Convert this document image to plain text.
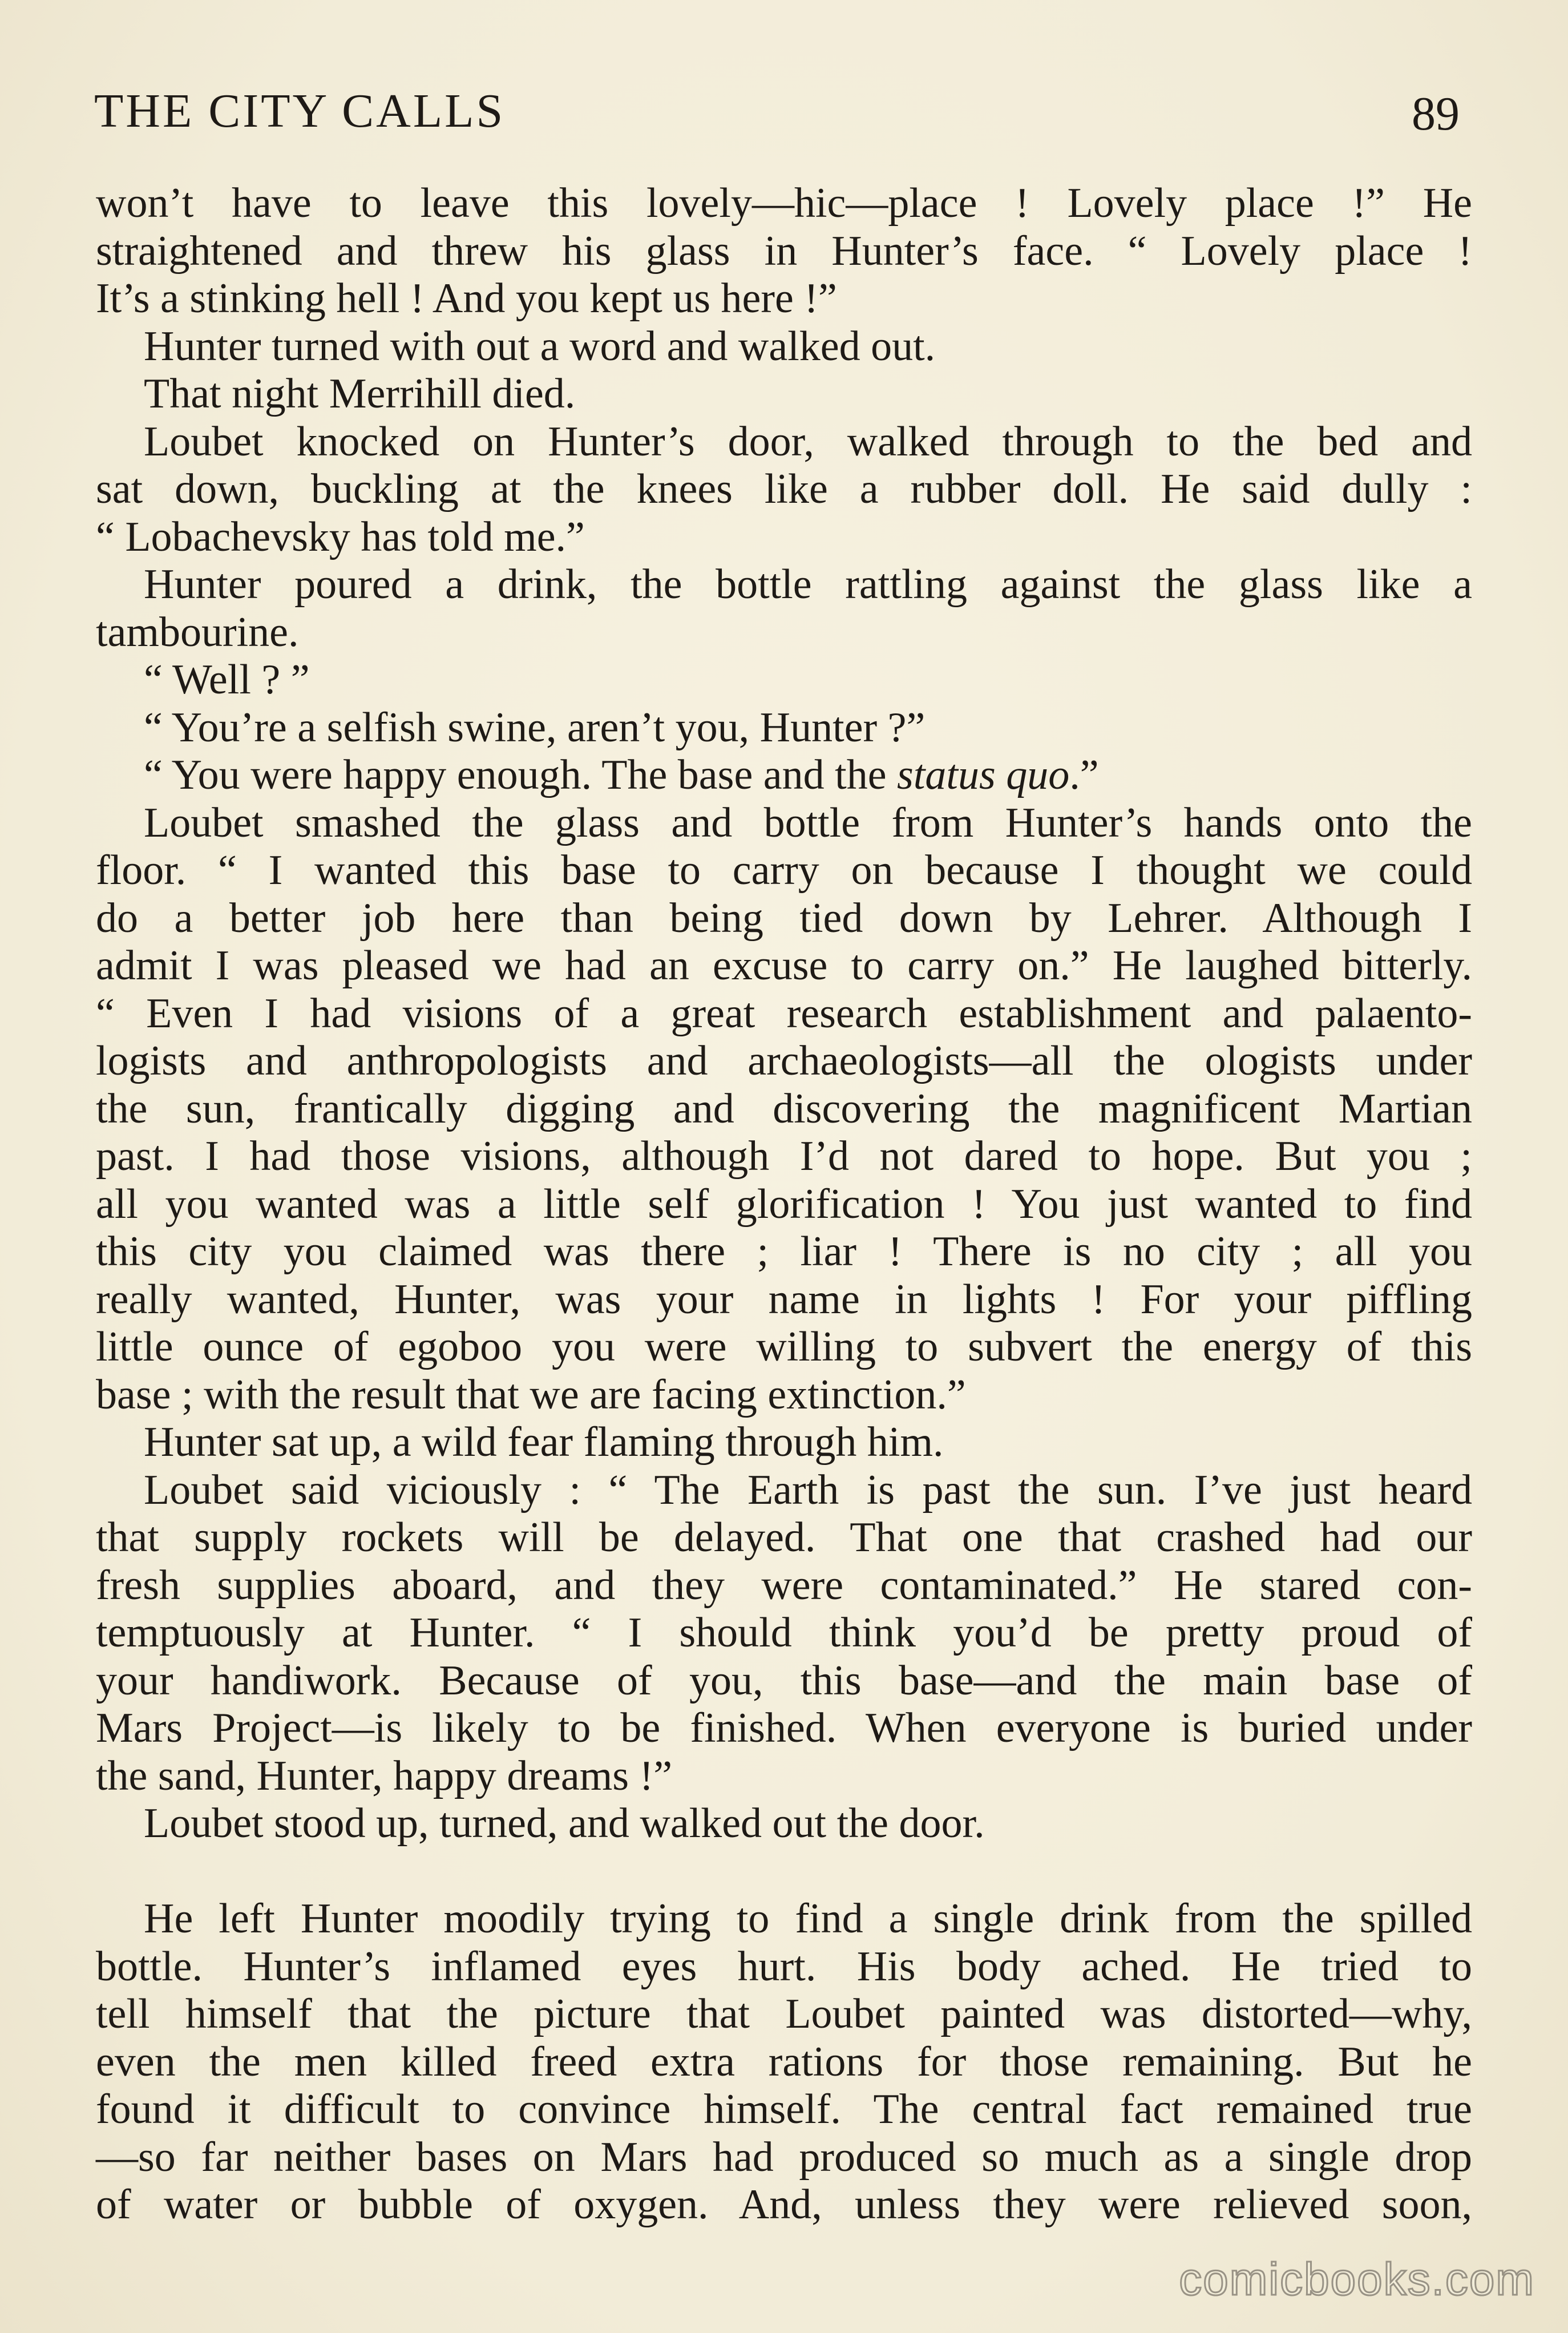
THE CITY CALLS	89
won’t have to leave this lovely—hic—place ! Lovely place !” He
straightened and threw his glass in Hunter’s face. “ Lovely place !
It’s a stinking hell ! And you kept us here !”
Hunter turned with out a word and walked out.
That night Merrihill died.
Loubet knocked on Hunter’s door, walked through to the bed and
sat down, buckling at the knees like a rubber doll. He said dully :
“ Lobachevsky has told me.”
Hunter poured a drink, the bottle rattling against the glass like a
tambourine.
“ Well ? ”
“ You’re a selfish swine, aren’t you, Hunter ?”
“ You were happy enough. The base and the status quo.”
Loubet smashed the glass and bottle from Hunter’s hands onto the
floor. “ I wanted this base to carry on because I thought we could
do a better job here than being tied down by Lehrer. Although I
admit I was pleased we had an excuse to carry on.” He laughed bitterly.
“ Even I had visions of a great research establishment and palaento-
logists and anthropologists and archaeologists—all the ologists under
the sun, frantically digging and discovering the magnificent Martian
past. I had those visions, although I’d not dared to hope. But you ;
all you wanted was a little self glorification ! You just wanted to find
this city you claimed was there ; liar ! There is no city ; all you
really wanted, Hunter, was your name in lights ! For your piffling
little ounce of egoboo you were willing to subvert the energy of this
base ; with the result that we are facing extinction.”
Hunter sat up, a wild fear flaming through him.
Loubet said viciously : “ The Earth is past the sun. I’ve just heard
that supply rockets will be delayed. That one that crashed had our
fresh supplies aboard, and they were contaminated.” He stared con-
temptuously at Hunter. “ I should think you’d be pretty proud of
your handiwork. Because of you, this base—and the main base of
Mars Project—is likely to be finished. When everyone is buried under
the sand, Hunter, happy dreams !”
Loubet stood up, turned, and walked out the door.
He left Hunter moodily trying to find a single drink from the spilled
bottle. Hunter’s inflamed eyes hurt. His body ached. He tried to
tell himself that the picture that Loubet painted was distorted—why,
even the men killed freed extra rations for those remaining. But he
found it difficult to convince himself. The central fact remained true
—so far neither bases on Mars had produced so much as a single drop
of water or bubble of oxygen. And, unless they were relieved soon,
comicbooks.com
